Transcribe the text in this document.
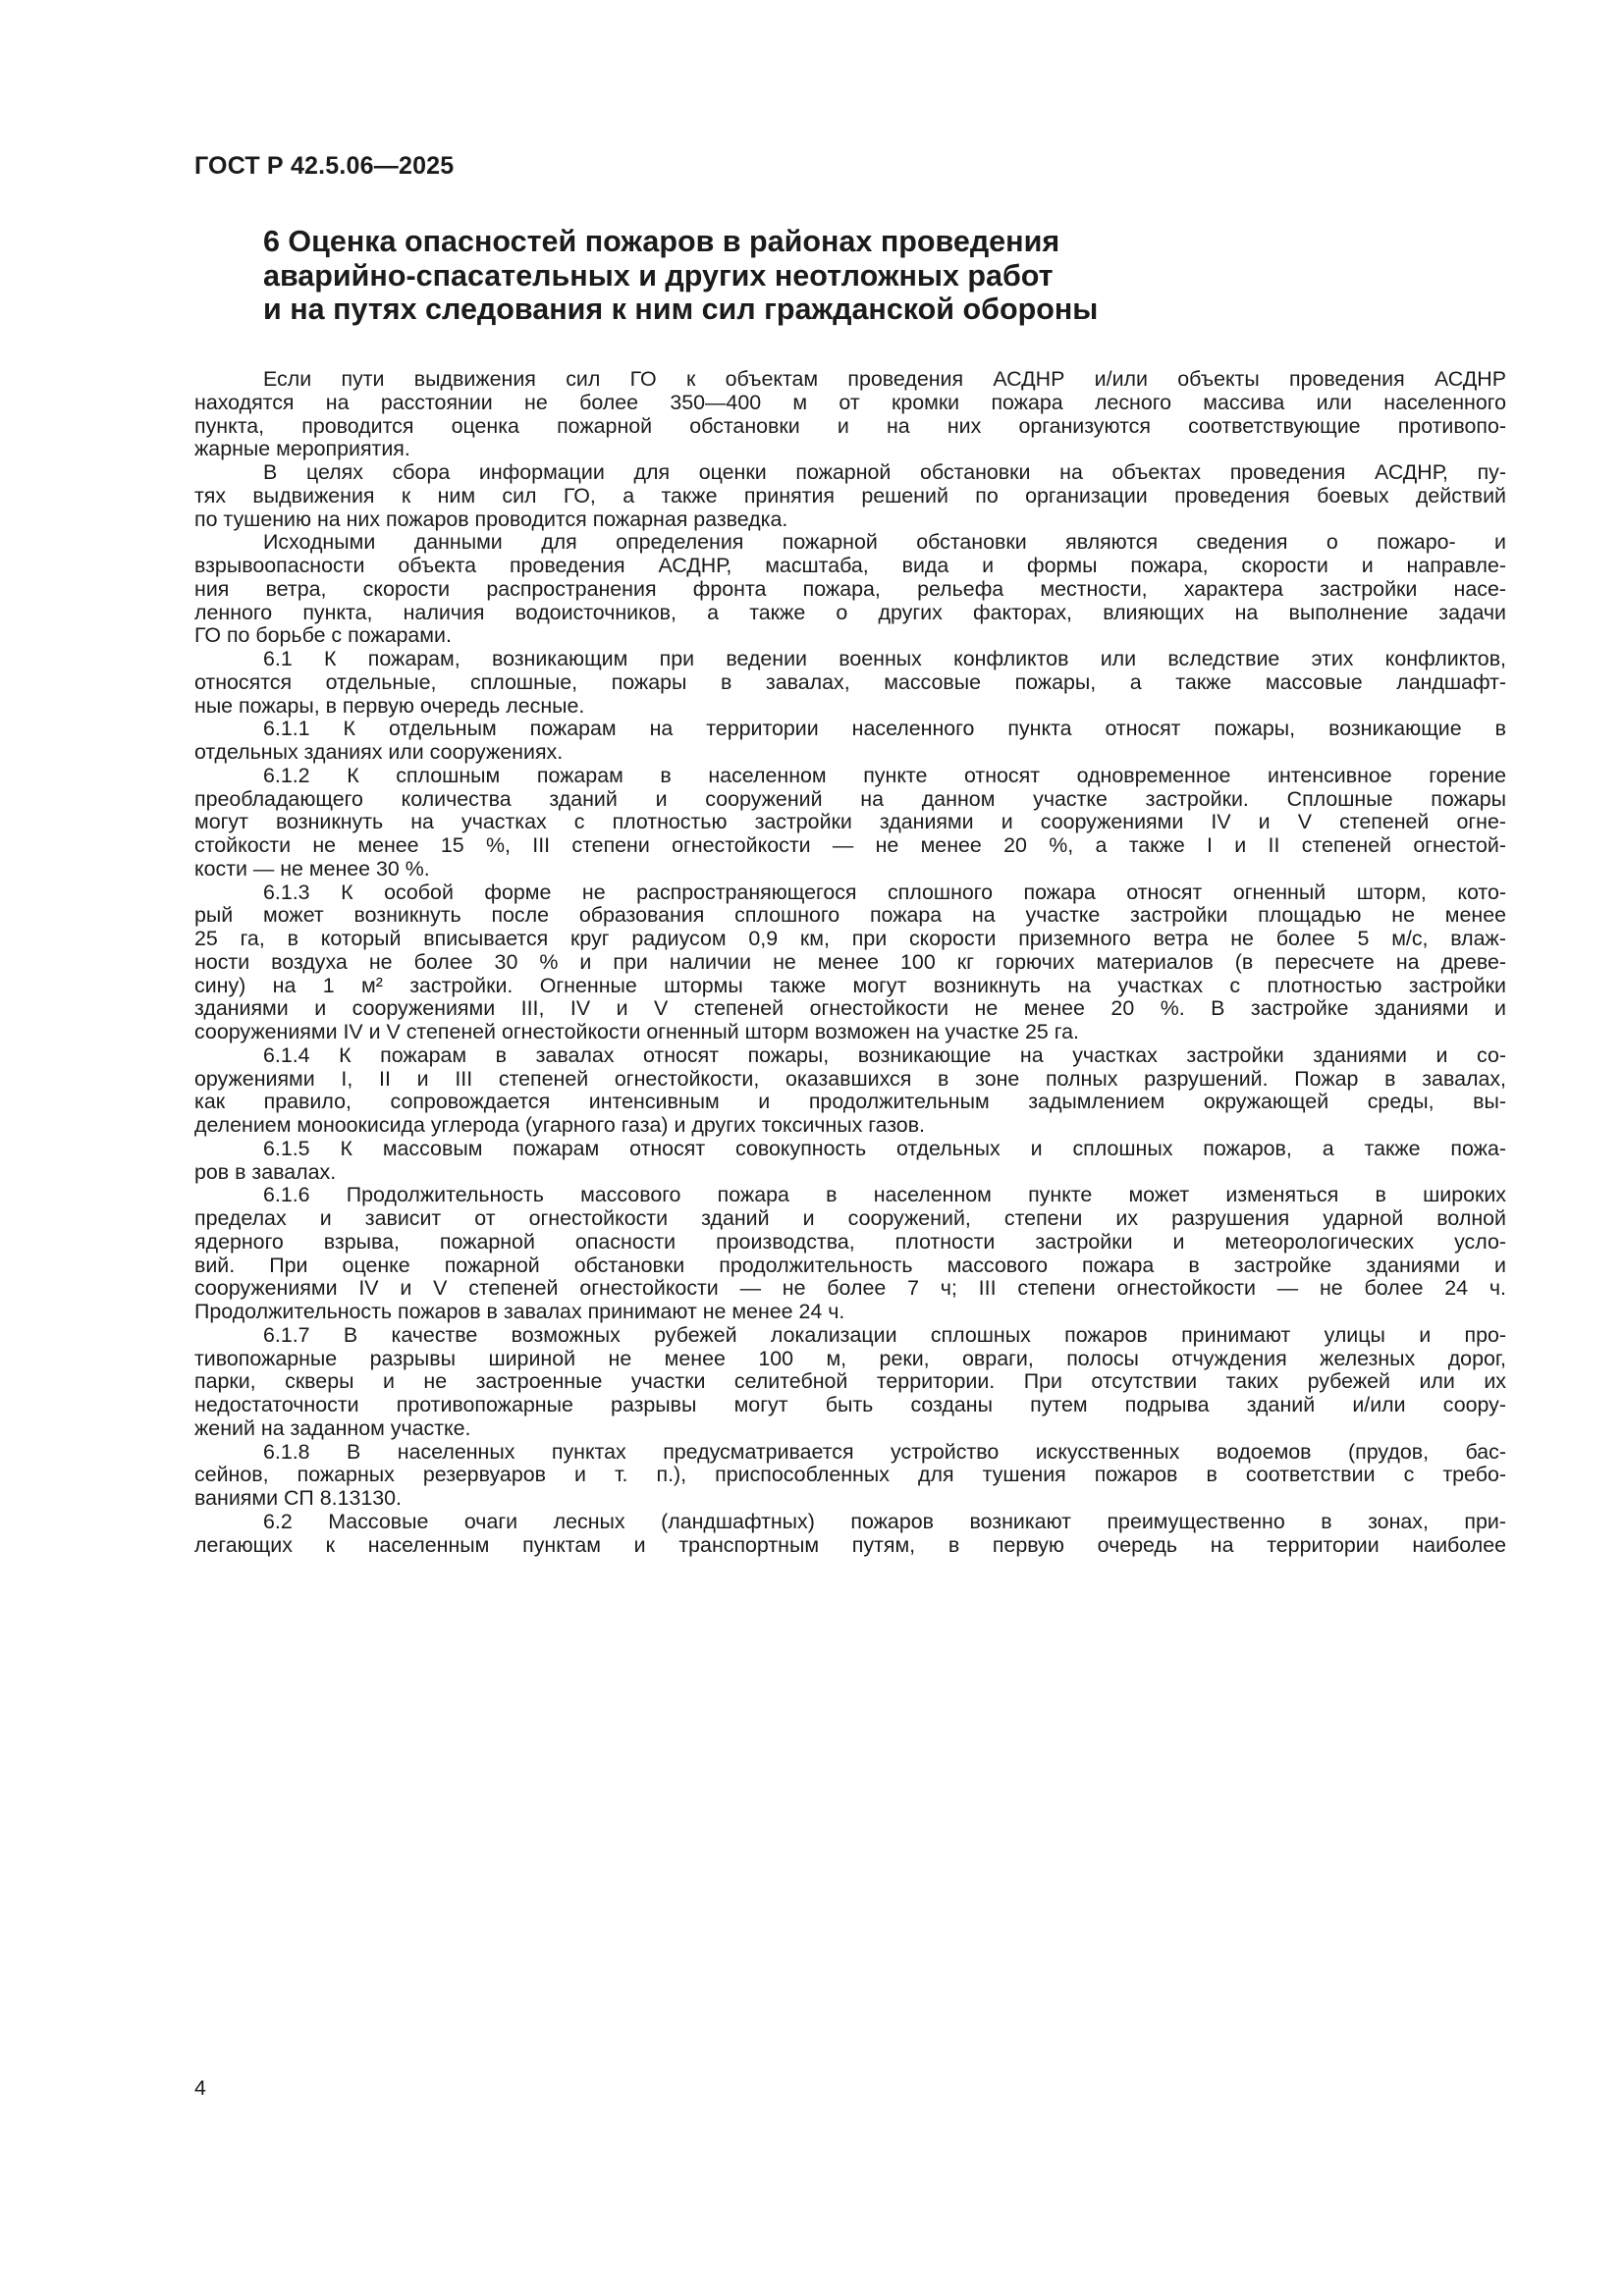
ГОСТ Р 42.5.06—2025
6 Оценка опасностей пожаров в районах проведения
аварийно-спасательных и других неотложных работ
и на путях следования к ним сил гражданской обороны
Если пути выдвижения сил ГО к объектам проведения АСДНР и/или объекты проведения АСДНР
находятся на расстоянии не более 350—400 м от кромки пожара лесного массива или населенного
пункта, проводится оценка пожарной обстановки и на них организуются соответствующие противопо-
жарные мероприятия.
В целях сбора информации для оценки пожарной обстановки на объектах проведения АСДНР, пу-
тях выдвижения к ним сил ГО, а также принятия решений по организации проведения боевых действий
по тушению на них пожаров проводится пожарная разведка.
Исходными данными для определения пожарной обстановки являются сведения о пожаро- и
взрывоопасности объекта проведения АСДНР, масштаба, вида и формы пожара, скорости и направле-
ния ветра, скорости распространения фронта пожара, рельефа местности, характера застройки насе-
ленного пункта, наличия водоисточников, а также о других факторах, влияющих на выполнение задачи
ГО по борьбе с пожарами.
6.1 К пожарам, возникающим при ведении военных конфликтов или вследствие этих конфликтов,
относятся отдельные, сплошные, пожары в завалах, массовые пожары, а также массовые ландшафт-
ные пожары, в первую очередь лесные.
6.1.1 К отдельным пожарам на территории населенного пункта относят пожары, возникающие в
отдельных зданиях или сооружениях.
6.1.2 К сплошным пожарам в населенном пункте относят одновременное интенсивное горение
преобладающего количества зданий и сооружений на данном участке застройки. Сплошные пожары
могут возникнуть на участках с плотностью застройки зданиями и сооружениями IV и V степеней огне-
стойкости не менее 15 %, III степени огнестойкости — не менее 20 %, а также I и II степеней огнестой-
кости — не менее 30 %.
6.1.3 К особой форме не распространяющегося сплошного пожара относят огненный шторм, кото-
рый может возникнуть после образования сплошного пожара на участке застройки площадью не менее
25 га, в который вписывается круг радиусом 0,9 км, при скорости приземного ветра не более 5 м/с, влаж-
ности воздуха не более 30 % и при наличии не менее 100 кг горючих материалов (в пересчете на древе-
сину) на 1 м² застройки. Огненные штормы также могут возникнуть на участках с плотностью застройки
зданиями и сооружениями III, IV и V степеней огнестойкости не менее 20 %. В застройке зданиями и
сооружениями IV и V степеней огнестойкости огненный шторм возможен на участке 25 га.
6.1.4 К пожарам в завалах относят пожары, возникающие на участках застройки зданиями и со-
оружениями I, II и III степеней огнестойкости, оказавшихся в зоне полных разрушений. Пожар в завалах,
как правило, сопровождается интенсивным и продолжительным задымлением окружающей среды, вы-
делением моноокисида углерода (угарного газа) и других токсичных газов.
6.1.5 К массовым пожарам относят совокупность отдельных и сплошных пожаров, а также пожа-
ров в завалах.
6.1.6 Продолжительность массового пожара в населенном пункте может изменяться в широких
пределах и зависит от огнестойкости зданий и сооружений, степени их разрушения ударной волной
ядерного взрыва, пожарной опасности производства, плотности застройки и метеорологических усло-
вий. При оценке пожарной обстановки продолжительность массового пожара в застройке зданиями и
сооружениями IV и V степеней огнестойкости — не более 7 ч; III степени огнестойкости — не более 24 ч.
Продолжительность пожаров в завалах принимают не менее 24 ч.
6.1.7 В качестве возможных рубежей локализации сплошных пожаров принимают улицы и про-
тивопожарные разрывы шириной не менее 100 м, реки, овраги, полосы отчуждения железных дорог,
парки, скверы и не застроенные участки селитебной территории. При отсутствии таких рубежей или их
недостаточности противопожарные разрывы могут быть созданы путем подрыва зданий и/или соору-
жений на заданном участке.
6.1.8 В населенных пунктах предусматривается устройство искусственных водоемов (прудов, бас-
сейнов, пожарных резервуаров и т. п.), приспособленных для тушения пожаров в соответствии с требо-
ваниями СП 8.13130.
6.2 Массовые очаги лесных (ландшафтных) пожаров возникают преимущественно в зонах, при-
легающих к населенным пунктам и транспортным путям, в первую очередь на территории наиболее
4
